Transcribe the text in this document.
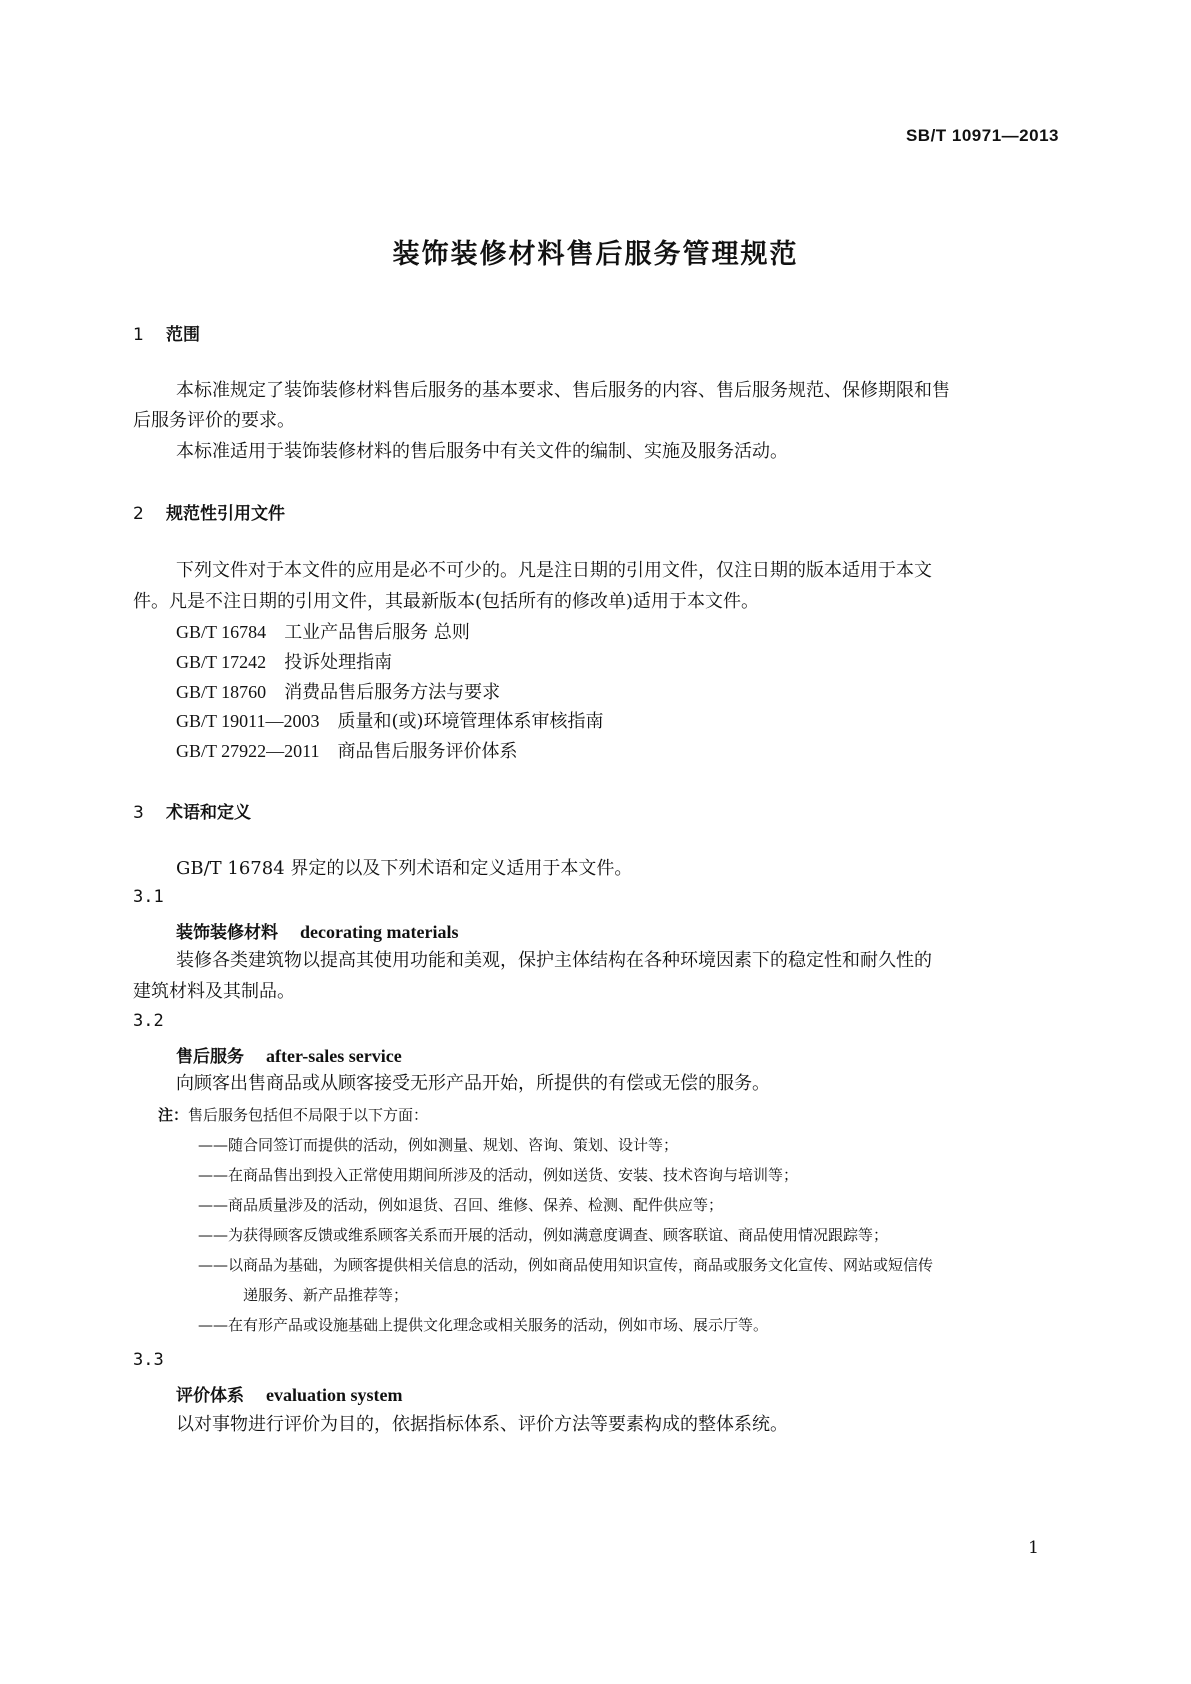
SB/T 10971—2013
装饰装修材料售后服务管理规范
1 范围
本标准规定了装饰装修材料售后服务的基本要求、售后服务的内容、售后服务规范、保修期限和售
后服务评价的要求。
本标准适用于装饰装修材料的售后服务中有关文件的编制、实施及服务活动。
2 规范性引用文件
下列文件对于本文件的应用是必不可少的。凡是注日期的引用文件，仅注日期的版本适用于本文
件。凡是不注日期的引用文件，其最新版本(包括所有的修改单)适用于本文件。
GB/T 16784 工业产品售后服务 总则
GB/T 17242 投诉处理指南
GB/T 18760 消费品售后服务方法与要求
GB/T 19011—2003 质量和(或)环境管理体系审核指南
GB/T 27922—2011 商品售后服务评价体系
3 术语和定义
GB/T 16784 界定的以及下列术语和定义适用于本文件。
3.1
装饰装修材料 decorating materials
装修各类建筑物以提高其使用功能和美观，保护主体结构在各种环境因素下的稳定性和耐久性的
建筑材料及其制品。
3.2
售后服务 after-sales service
向顾客出售商品或从顾客接受无形产品开始，所提供的有偿或无偿的服务。
注：售后服务包括但不局限于以下方面：
——随合同签订而提供的活动，例如测量、规划、咨询、策划、设计等；
——在商品售出到投入正常使用期间所涉及的活动，例如送货、安装、技术咨询与培训等；
——商品质量涉及的活动，例如退货、召回、维修、保养、检测、配件供应等；
——为获得顾客反馈或维系顾客关系而开展的活动，例如满意度调查、顾客联谊、商品使用情况跟踪等；
——以商品为基础，为顾客提供相关信息的活动，例如商品使用知识宣传，商品或服务文化宣传、网站或短信传
递服务、新产品推荐等；
——在有形产品或设施基础上提供文化理念或相关服务的活动，例如市场、展示厅等。
3.3
评价体系 evaluation system
以对事物进行评价为目的，依据指标体系、评价方法等要素构成的整体系统。
1
